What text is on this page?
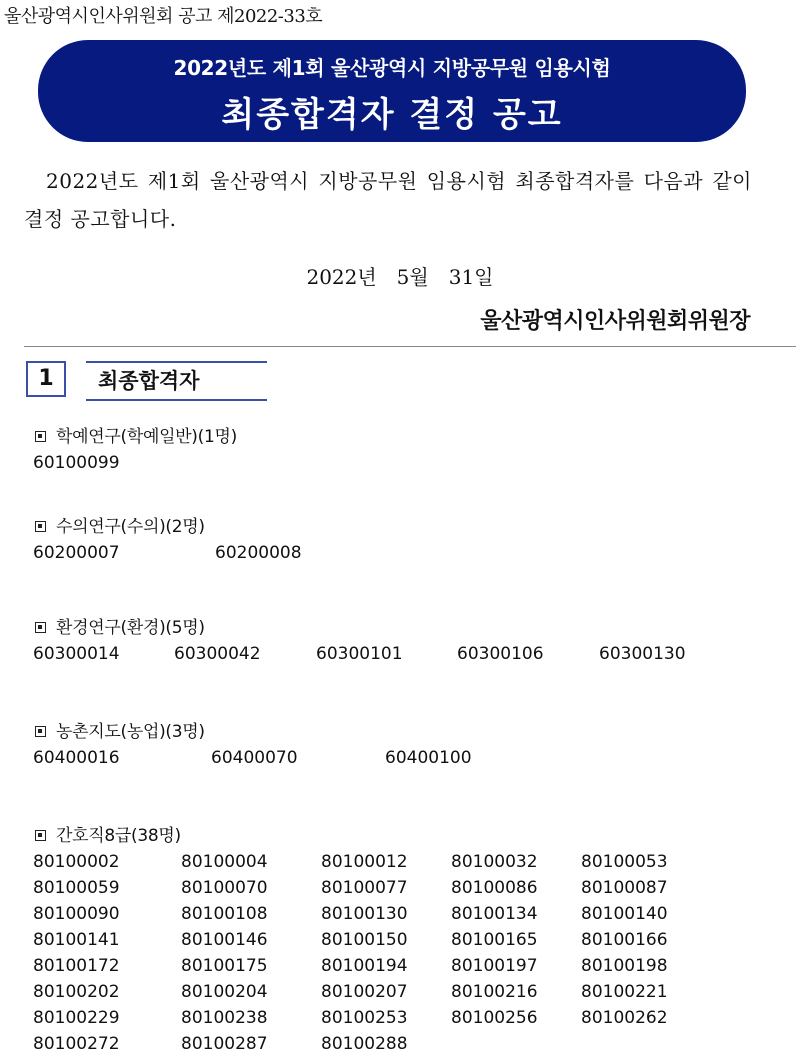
울산광역시인사위원회 공고 제2022-33호
2022년도 제1회 울산광역시 지방공무원 임용시험
최종합격자 결정 공고
2022년도 제1회 울산광역시 지방공무원 임용시험 최종합격자를 다음과 같이 결정 공고합니다.
2022년　5월　31일
울산광역시인사위원회위원장
1	최종합격자
학예연구(학예일반)(1명)
60100099
수의연구(수의)(2명)
60200007	60200008
환경연구(환경)(5명)
60300014	60300042	60300101	60300106	60300130
농촌지도(농업)(3명)
60400016	60400070	60400100
간호직8급(38명)
80100002	80100004	80100012	80100032	80100053
80100059	80100070	80100077	80100086	80100087
80100090	80100108	80100130	80100134	80100140
80100141	80100146	80100150	80100165	80100166
80100172	80100175	80100194	80100197	80100198
80100202	80100204	80100207	80100216	80100221
80100229	80100238	80100253	80100256	80100262
80100272	80100287	80100288
